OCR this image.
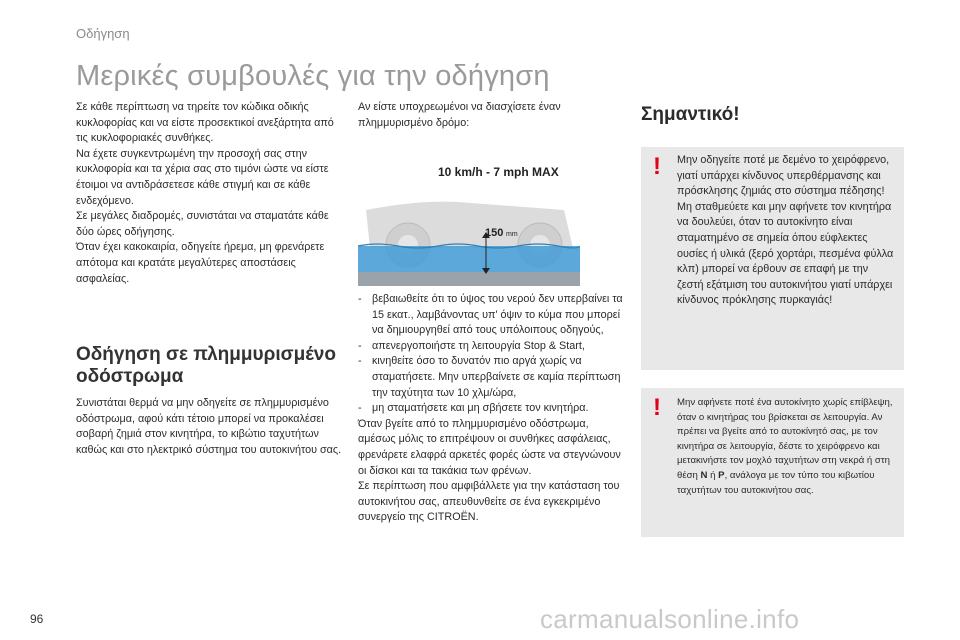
Οδήγηση
Μερικές συμβουλές για την οδήγηση

Σε κάθε περίπτωση να τηρείτε τον κώδικα οδικής κυκλοφορίας και να είστε προσεκτικοί ανεξάρτητα από τις κυκλοφοριακές συνθήκες.

Να έχετε συγκεντρωμένη την προσοχή σας στην κυκλοφορία και τα χέρια σας στο τιμόνι ώστε να είστε έτοιμοι να αντιδράσετεσε κάθε στιγμή και σε κάθε ενδεχόμενο.

Σε μεγάλες διαδρομές, συνιστάται να σταματάτε κάθε δύο ώρες οδήγησης.

Όταν έχει κακοκαιρία, οδηγείτε ήρεμα, μη φρενάρετε απότομα και κρατάτε μεγαλύτερες αποστάσεις ασφαλείας.

Οδήγηση σε πλημμυρισμένο οδόστρωμα
Συνιστάται θερμά να μην οδηγείτε σε πλημμυρισμένο οδόστρωμα, αφού κάτι τέτοιο μπορεί να προκαλέσει σοβαρή ζημιά στον κινητήρα, το κιβώτιο ταχυτήτων καθώς και στο ηλεκτρικό σύστημα του αυτοκινήτου σας.
Αν είστε υποχρεωμένοι να διασχίσετε έναν πλημμυρισμένο δρόμο:
10 km/h - 7 mph MAX
150 mm
- βεβαιωθείτε ότι το ύψος του νερού δεν υπερβαίνει τα 15 εκατ., λαμβάνοντας υπ' όψιν το κύμα που μπορεί να δημιουργηθεί από τους υπόλοιπους οδηγούς,
- απενεργοποιήστε τη λειτουργία Stop & Start,
- κινηθείτε όσο το δυνατόν πιο αργά χωρίς να σταματήσετε. Μην υπερβαίνετε σε καμία περίπτωση την ταχύτητα των 10 χλμ/ώρα,
- μη σταματήσετε και μη σβήσετε τον κινητήρα.

Όταν βγείτε από το πλημμυρισμένο οδόστρωμα, αμέσως μόλις το επιτρέψουν οι συνθήκες ασφάλειας, φρενάρετε ελαφρά αρκετές φορές ώστε να στεγνώνουν οι δίσκοι και τα τακάκια των φρένων.

Σε περίπτωση που αμφιβάλλετε για την κατάσταση του αυτοκινήτου σας, απευθυνθείτε σε ένα εγκεκριμένο συνεργείο της CITROËN.

Σημαντικό!
! Μην οδηγείτε ποτέ με δεμένο το χειρόφρενο, γιατί υπάρχει κίνδυνος υπερθέρμανσης και πρόσκλησης ζημιάς στο σύστημα πέδησης!

Μη σταθμεύετε και μην αφήνετε τον κινητήρα να δουλεύει, όταν το αυτοκίνητο είναι σταματημένο σε σημεία όπου εύφλεκτες ουσίες ή υλικά (ξερό χορτάρι, πεσμένα φύλλα κλπ) μπορεί να έρθουν σε επαφή με την ζεστή εξάτμιση του αυτοκινήτου γιατί υπάρχει κίνδυνος πρόκλησης πυρκαγιάς!

! Μην αφήνετε ποτέ ένα αυτοκίνητο χωρίς επίβλεψη, όταν ο κινητήρας του βρίσκεται σε λειτουργία. Αν πρέπει να βγείτε από το αυτοκίνητό σας, με τον κινητήρα σε λειτουργία, δέστε το χειρόφρενο και μετακινήστε τον μοχλό ταχυτήτων στη νεκρά ή στη θέση N ή P, ανάλογα με τον τύπο του κιβωτίου ταχυτήτων του αυτοκινήτου σας.
96	carmanualsonline.info
